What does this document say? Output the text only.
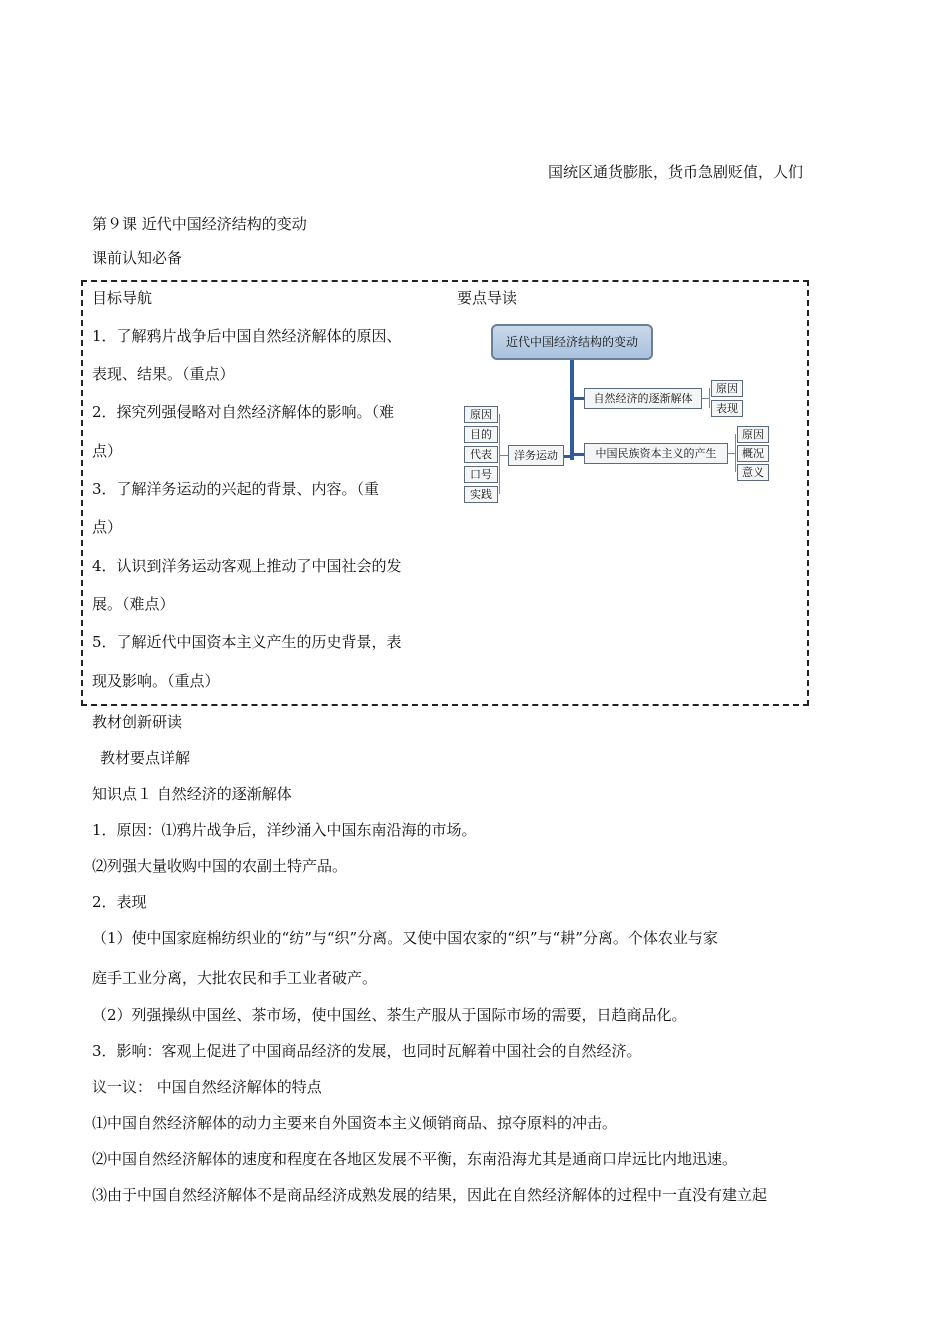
国统区通货膨胀，货币急剧贬值，人们
第９课 近代中国经济结构的变动
课前认知必备
目标导航
1．了解鸦片战争后中国自然经济解体的原因、
表现、结果。（重点）
2．探究列强侵略对自然经济解体的影响。（难
点）
3．了解洋务运动的兴起的背景、内容。（重
点）
4．认识到洋务运动客观上推动了中国社会的发
展。（难点）
5．了解近代中国资本主义产生的历史背景，表
现及影响。（重点）
要点导读
近代中国经济结构的变动
自然经济的逐渐解体
原因
表现
中国民族资本主义的产生
原因
概况
意义
洋务运动
原因
目的
代表
口号
实践
教材创新研读
教材要点详解
知识点１ 自然经济的逐渐解体
1．原因：⑴鸦片战争后，洋纱涌入中国东南沿海的市场。
⑵列强大量收购中国的农副土特产品。
2．表现
（1）使中国家庭棉纺织业的“纺”与“织”分离。又使中国农家的“织”与“耕”分离。个体农业与家
庭手工业分离，大批农民和手工业者破产。
（2）列强操纵中国丝、茶市场，使中国丝、茶生产服从于国际市场的需要，日趋商品化。
3．影响：客观上促进了中国商品经济的发展，也同时瓦解着中国社会的自然经济。
议一议： 中国自然经济解体的特点
⑴中国自然经济解体的动力主要来自外国资本主义倾销商品、掠夺原料的冲击。
⑵中国自然经济解体的速度和程度在各地区发展不平衡，东南沿海尤其是通商口岸远比内地迅速。
⑶由于中国自然经济解体不是商品经济成熟发展的结果，因此在自然经济解体的过程中一直没有建立起
